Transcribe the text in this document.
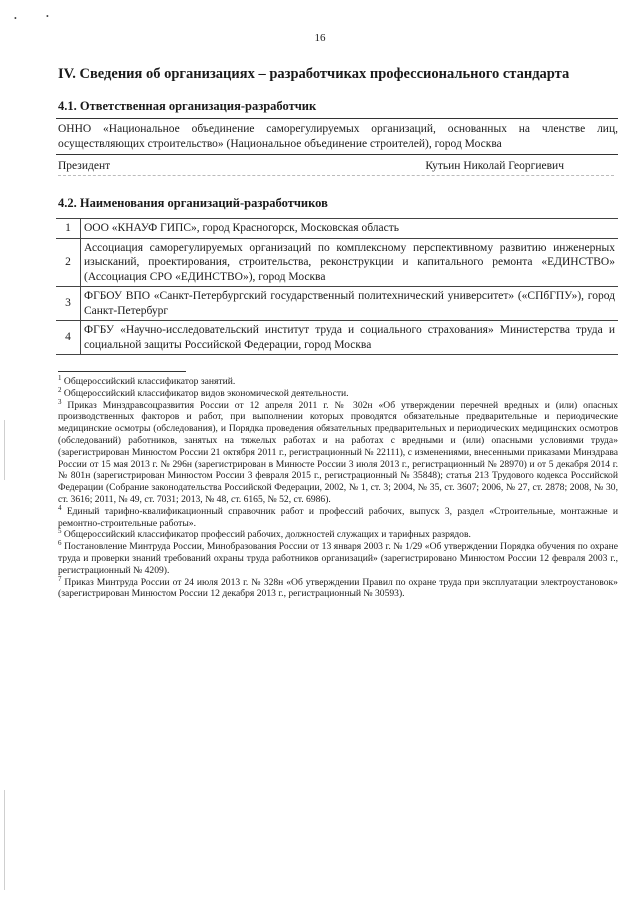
•	•
16
IV. Сведения об организациях – разработчиках профессионального стандарта
4.1. Ответственная организация-разработчик
ОННО «Национальное объединение саморегулируемых организаций, основанных на членстве лиц, осуществляющих строительство» (Национальное объединение строителей), город Москва
Президент	Кутьин Николай Георгиевич
4.2. Наименования организаций-разработчиков
1	ООО «КНАУФ ГИПС», город Красногорск, Московская область
2	Ассоциация саморегулируемых организаций по комплексному перспективному развитию инженерных изысканий, проектирования, строительства, реконструкции и капитального ремонта «ЕДИНСТВО» (Ассоциация СРО «ЕДИНСТВО»), город Москва
3	ФГБОУ ВПО «Санкт-Петербургский государственный политехнический университет» («СПбГПУ»), город Санкт-Петербург
4	ФГБУ «Научно-исследовательский институт труда и социального страхования» Министерства труда и социальной защиты Российской Федерации, город Москва

$^1$ Общероссийский классификатор занятий.

$^2$ Общероссийский классификатор видов экономической деятельности.

$^3$ Приказ Минздравсоцразвития России от 12 апреля 2011 г. № 302н «Об утверждении перечней вредных и (или) опасных производственных факторов и работ, при выполнении которых проводятся обязательные предварительные и периодические медицинские осмотры (обследования), и Порядка проведения обязательных предварительных и периодических медицинских осмотров (обследований) работников, занятых на тяжелых работах и на работах с вредными и (или) опасными условиями труда» (зарегистрирован Минюстом России 21 октября 2011 г., регистрационный № 22111), с изменениями, внесенными приказами Минздрава России от 15 мая 2013 г. № 296н (зарегистрирован в Минюсте России 3 июля 2013 г., регистрационный № 28970) и от 5 декабря 2014 г. № 801н (зарегистрирован Минюстом России 3 февраля 2015 г., регистрационный № 35848); статья 213 Трудового кодекса Российской Федерации (Собрание законодательства Российской Федерации, 2002, № 1, ст. 3; 2004, № 35, ст. 3607; 2006, № 27, ст. 2878; 2008, № 30, ст. 3616; 2011, № 49, ст. 7031; 2013, № 48, ст. 6165, № 52, ст. 6986).

$^4$ Единый тарифно-квалификационный справочник работ и профессий рабочих, выпуск 3, раздел «Строительные, монтажные и ремонтно-строительные работы».

$^5$ Общероссийский классификатор профессий рабочих, должностей служащих и тарифных разрядов.

$^6$ Постановление Минтруда России, Минобразования России от 13 января 2003 г. № 1/29 «Об утверждении Порядка обучения по охране труда и проверки знаний требований охраны труда работников организаций» (зарегистрировано Минюстом России 12 февраля 2003 г., регистрационный № 4209).

$^7$ Приказ Минтруда России от 24 июля 2013 г. № 328н «Об утверждении Правил по охране труда при эксплуатации электроустановок» (зарегистрирован Минюстом России 12 декабря 2013 г., регистрационный № 30593).
